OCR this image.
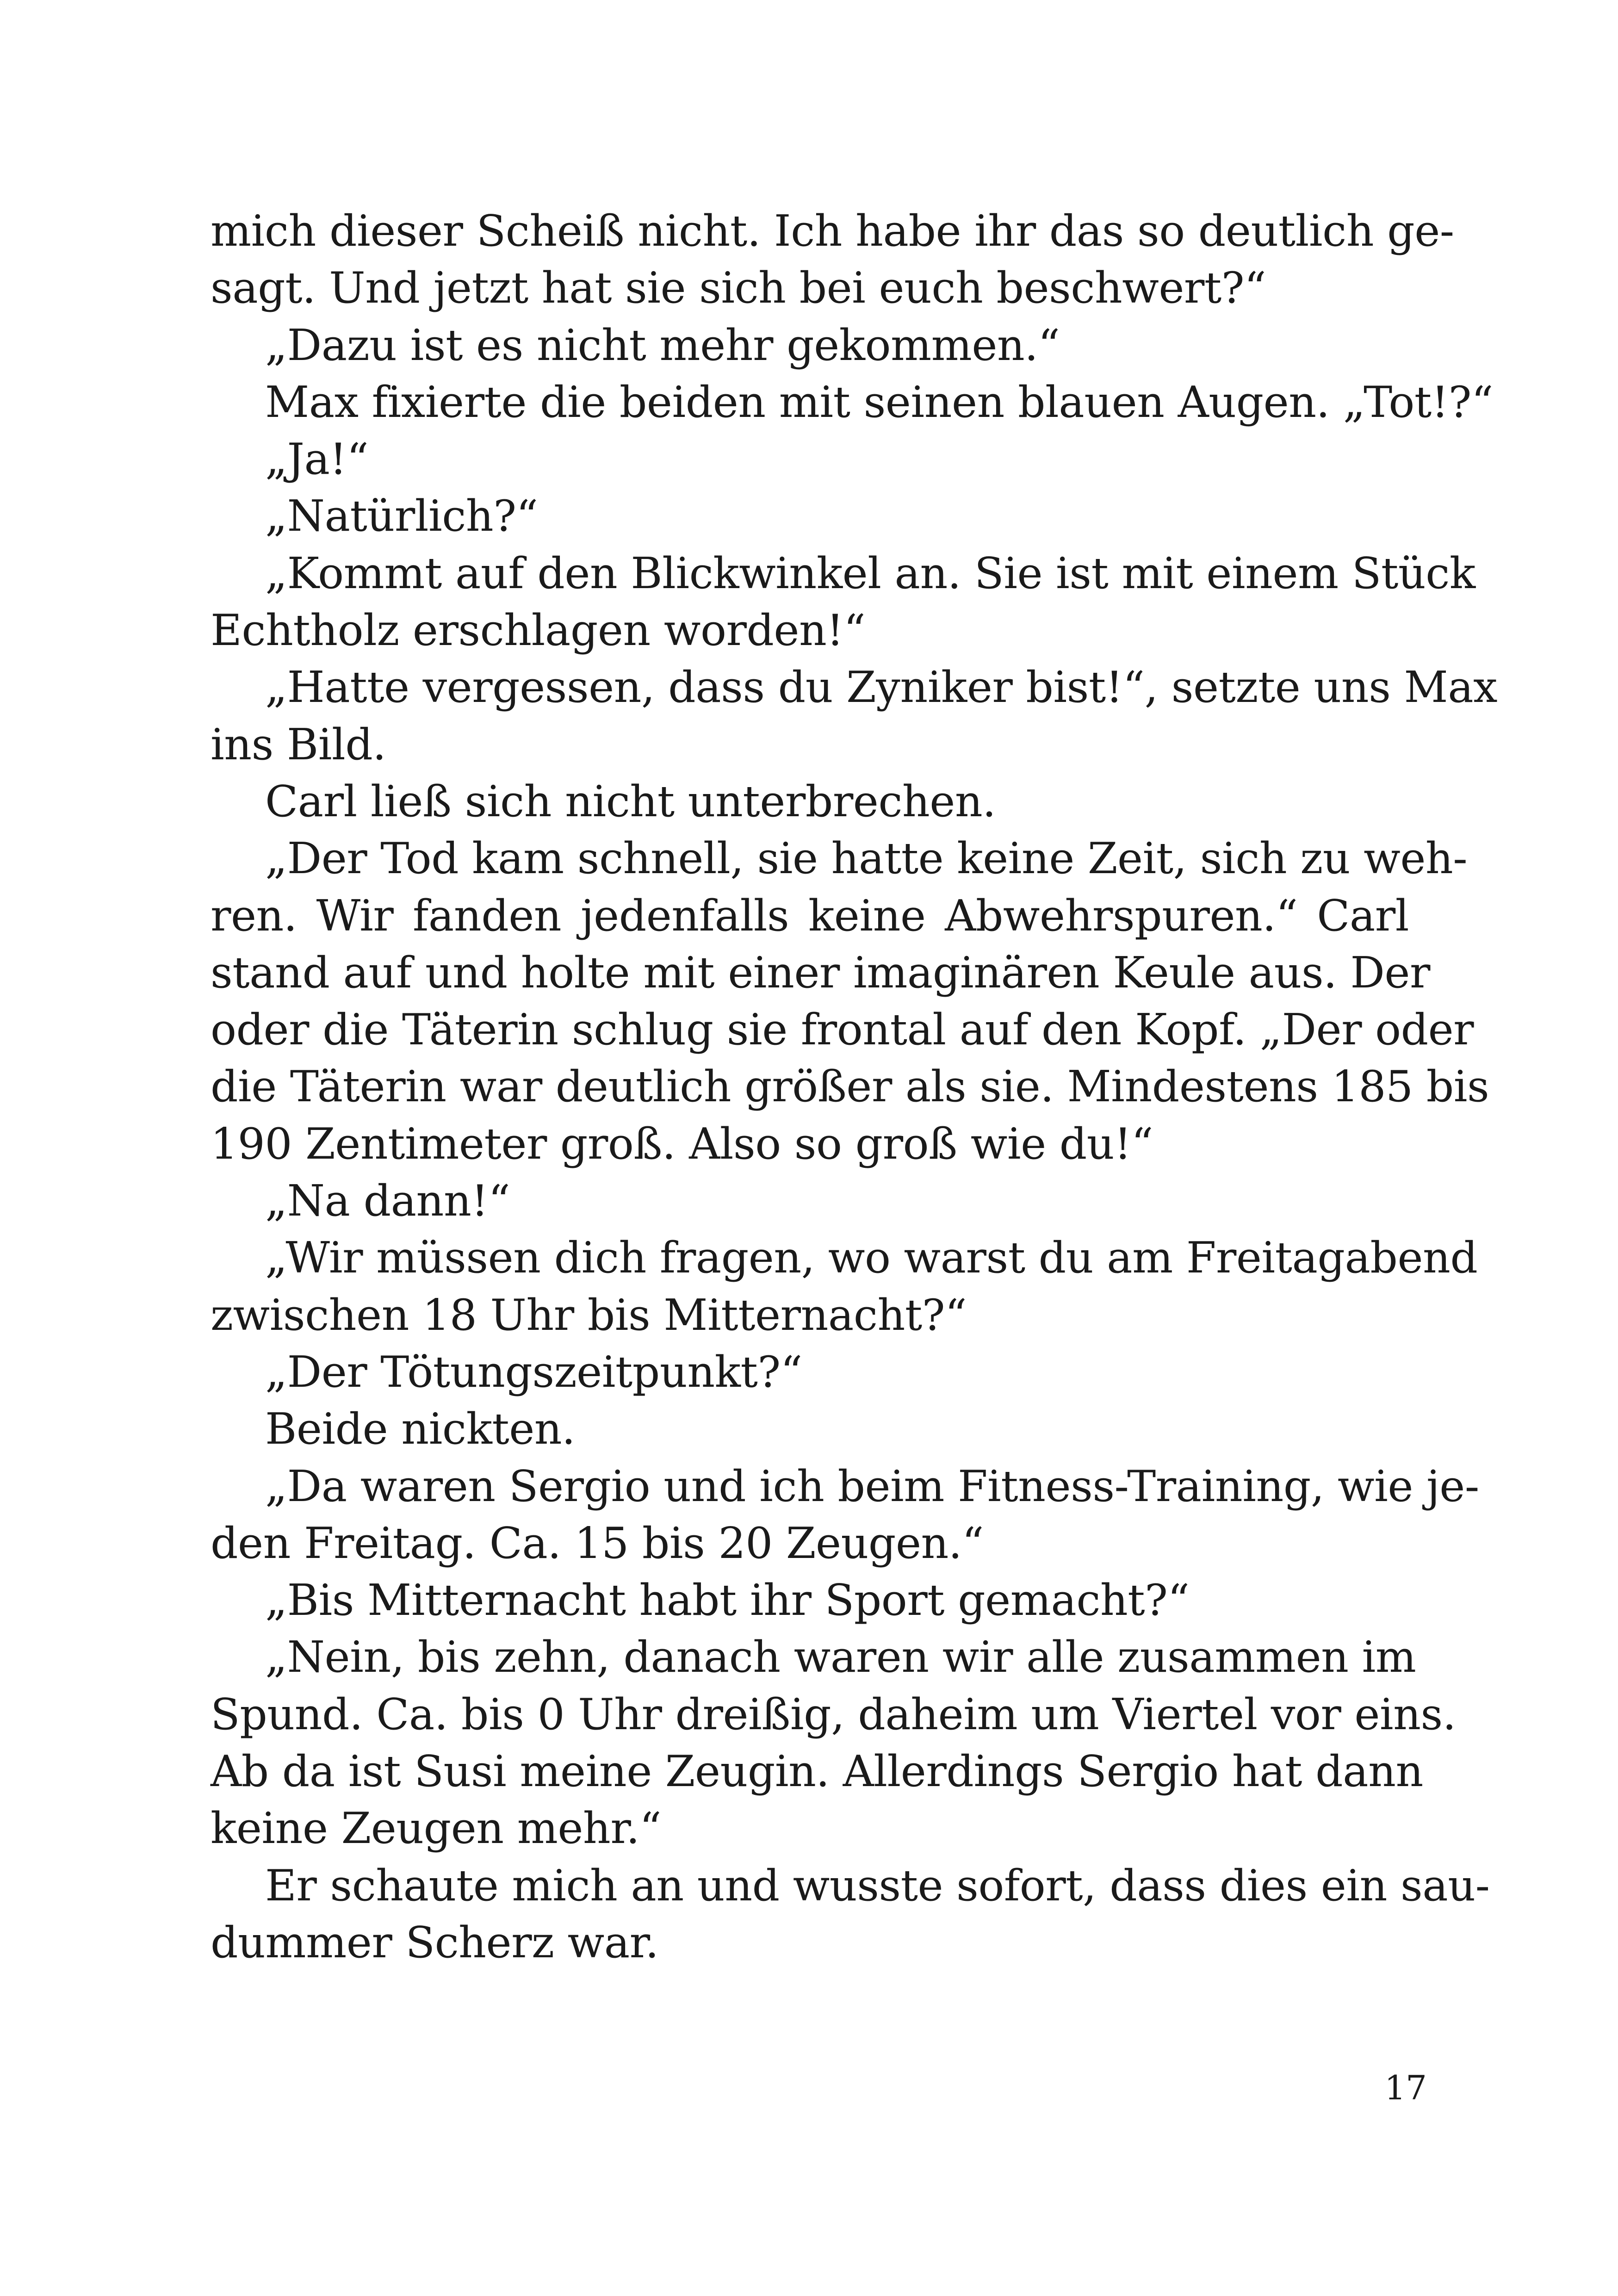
mich dieser Scheiß nicht. Ich habe ihr das so deutlich ge-
sagt. Und jetzt hat sie sich bei euch beschwert?“
„Dazu ist es nicht mehr gekommen.“
Max fixierte die beiden mit seinen blauen Augen. „Tot!?“
„Ja!“
„Natürlich?“
„Kommt auf den Blickwinkel an. Sie ist mit einem Stück
Echtholz erschlagen worden!“
„Hatte vergessen, dass du Zyniker bist!“, setzte uns Max
ins Bild.
Carl ließ sich nicht unterbrechen.
„Der Tod kam schnell, sie hatte keine Zeit, sich zu weh-
ren. Wir fanden jedenfalls keine Abwehrspuren.“ Carl
stand auf und holte mit einer imaginären Keule aus. Der
oder die Täterin schlug sie frontal auf den Kopf. „Der oder
die Täterin war deutlich größer als sie. Mindestens 185 bis
190 Zentimeter groß. Also so groß wie du!“
„Na dann!“
„Wir müssen dich fragen, wo warst du am Freitagabend
zwischen 18 Uhr bis Mitternacht?“
„Der Tötungszeitpunkt?“
Beide nickten.
„Da waren Sergio und ich beim Fitness-Training, wie je-
den Freitag. Ca. 15 bis 20 Zeugen.“
„Bis Mitternacht habt ihr Sport gemacht?“
„Nein, bis zehn, danach waren wir alle zusammen im
Spund. Ca. bis 0 Uhr dreißig, daheim um Viertel vor eins.
Ab da ist Susi meine Zeugin. Allerdings Sergio hat dann
keine Zeugen mehr.“
Er schaute mich an und wusste sofort, dass dies ein sau-
dummer Scherz war.
17
